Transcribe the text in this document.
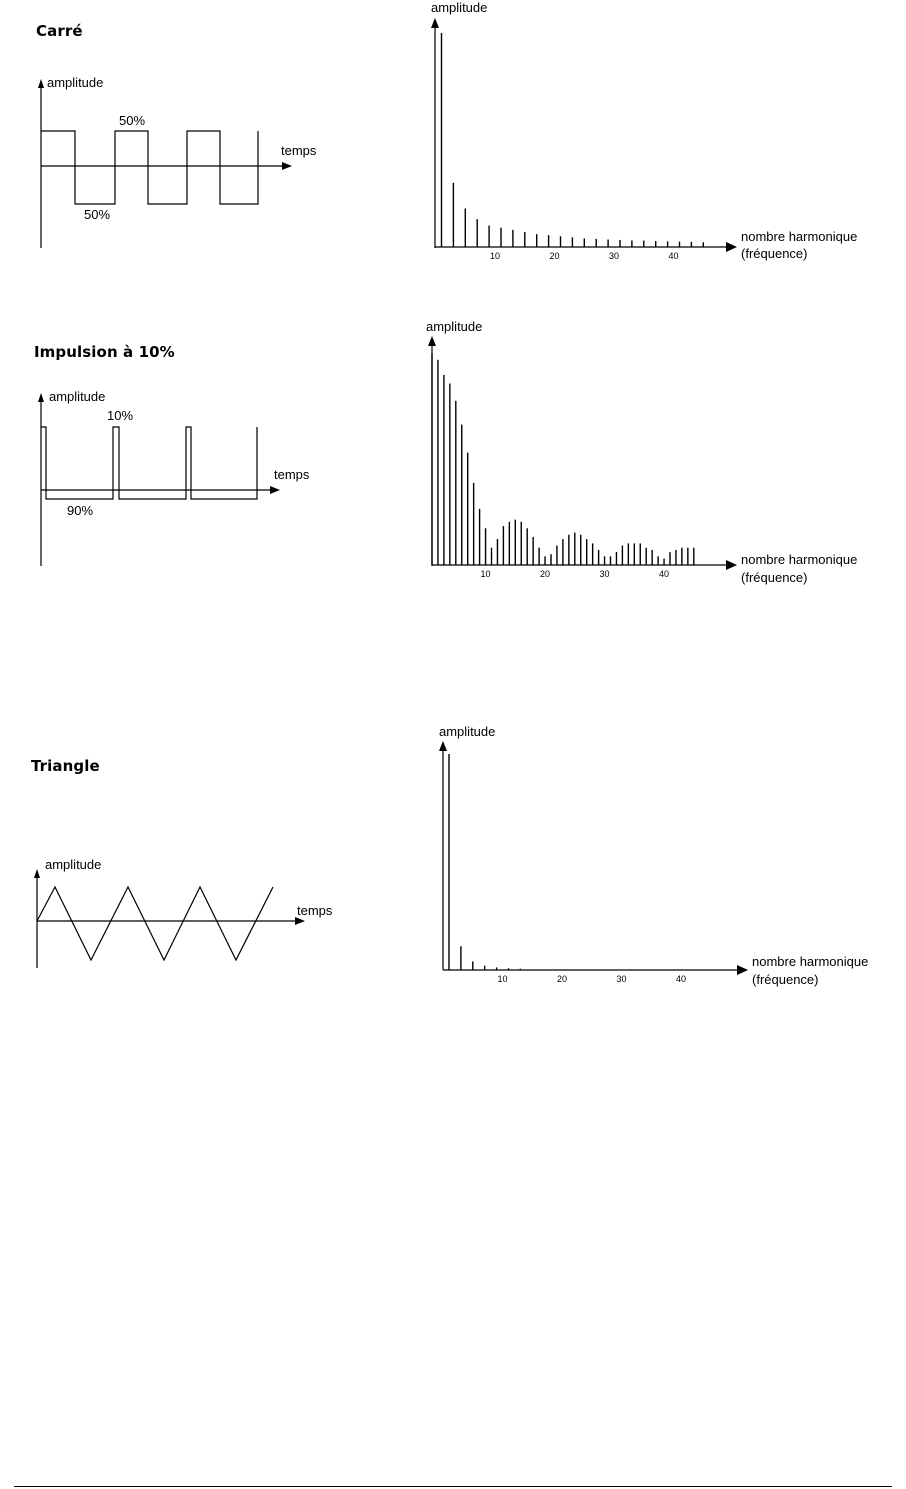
Carré
amplitude
temps
50%
50%
10	20	30	40
amplitude
nombre harmonique
(fréquence)
Impulsion à 10%
amplitude
temps
10%
90%
10	20	30	40
amplitude
nombre harmonique
(fréquence)
Triangle
amplitude
temps
10	20	30	40
amplitude
nombre harmonique
(fréquence)
